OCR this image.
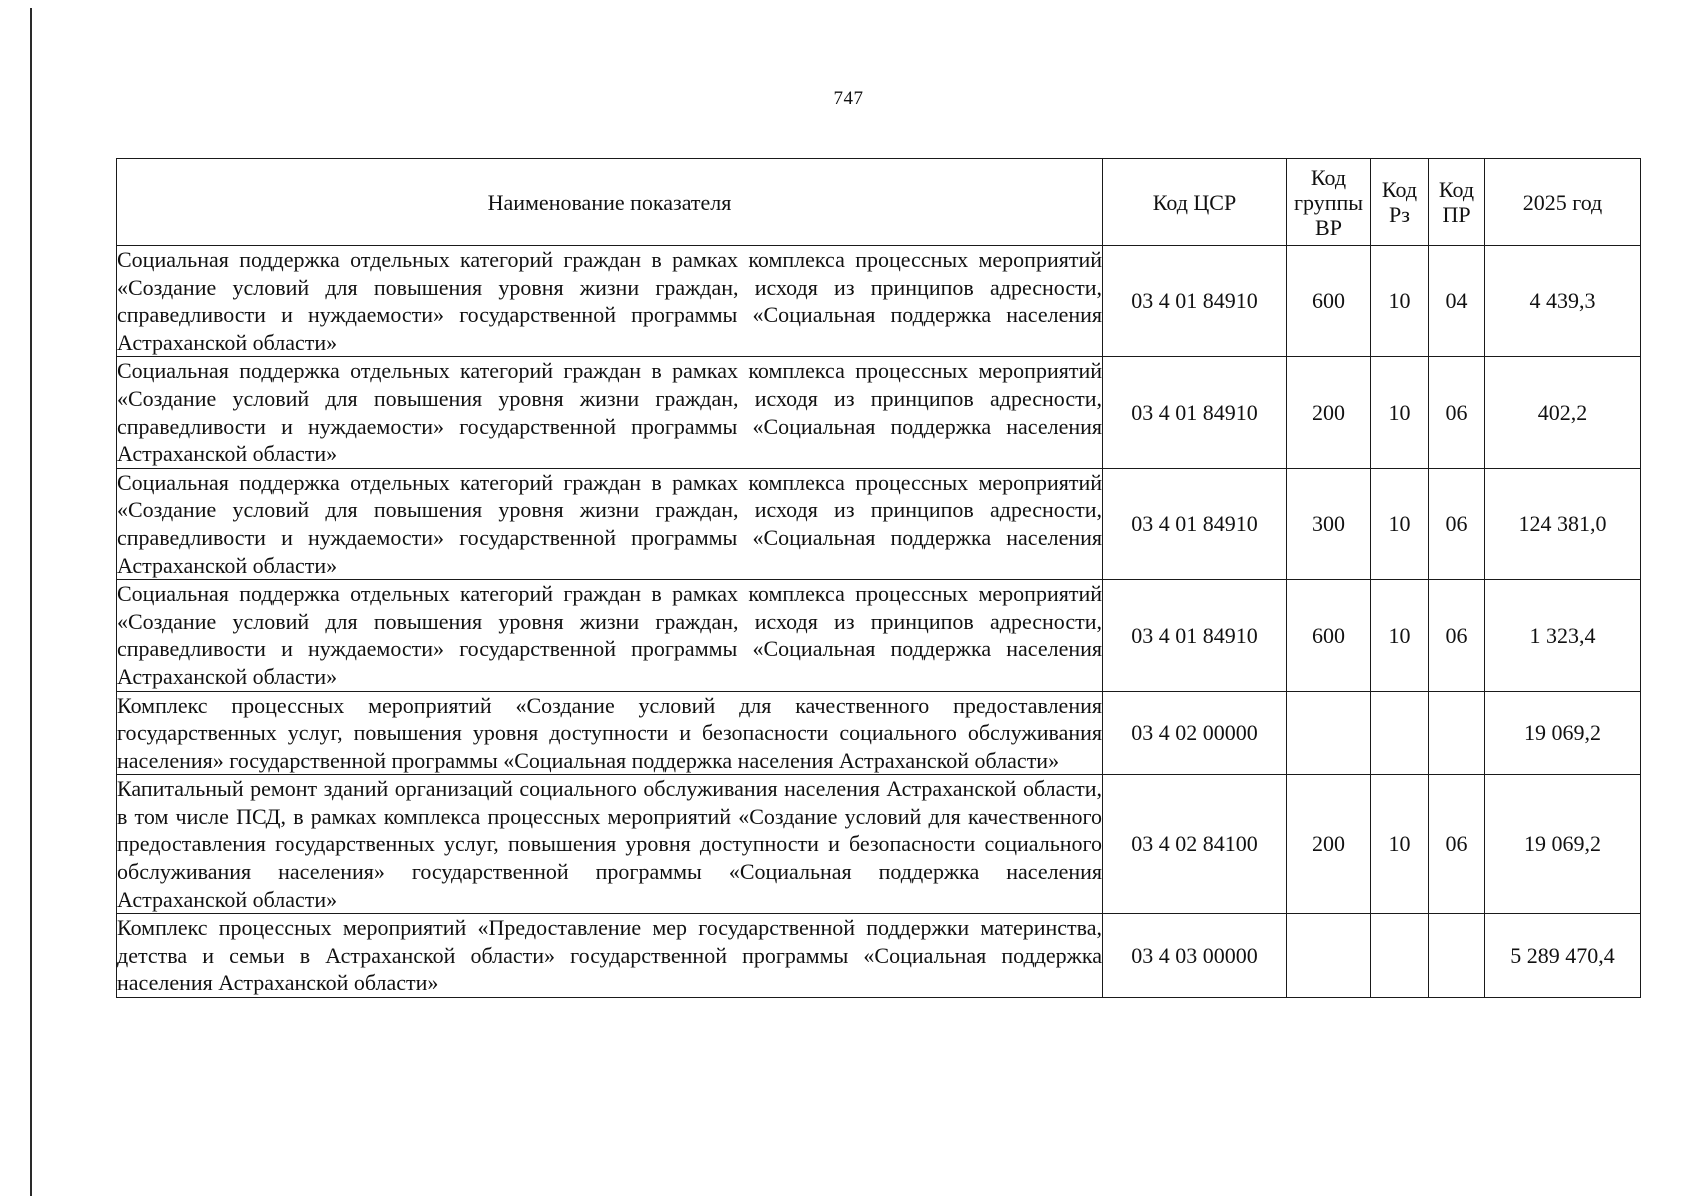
747
Наименование показателя	Код ЦСР	Код группы ВР	Код Рз	Код ПР	2025 год
Социальная поддержка отдельных категорий граждан в рамках комплекса процессных мероприятий «Создание условий для повышения уровня жизни граждан, исходя из принципов адресности, справедливости и нуждаемости» государственной программы «Социальная поддержка населения Астраханской области»	03 4 01 84910	600	10	04	4 439,3
Социальная поддержка отдельных категорий граждан в рамках комплекса процессных мероприятий «Создание условий для повышения уровня жизни граждан, исходя из принципов адресности, справедливости и нуждаемости» государственной программы «Социальная поддержка населения Астраханской области»	03 4 01 84910	200	10	06	402,2
Социальная поддержка отдельных категорий граждан в рамках комплекса процессных мероприятий «Создание условий для повышения уровня жизни граждан, исходя из принципов адресности, справедливости и нуждаемости» государственной программы «Социальная поддержка населения Астраханской области»	03 4 01 84910	300	10	06	124 381,0
Социальная поддержка отдельных категорий граждан в рамках комплекса процессных мероприятий «Создание условий для повышения уровня жизни граждан, исходя из принципов адресности, справедливости и нуждаемости» государственной программы «Социальная поддержка населения Астраханской области»	03 4 01 84910	600	10	06	1 323,4
Комплекс процессных мероприятий «Создание условий для качественного предоставления государственных услуг, повышения уровня доступности и безопасности социального обслуживания населения» государственной программы «Социальная поддержка населения Астраханской области»	03 4 02 00000				19 069,2
Капитальный ремонт зданий организаций социального обслуживания населения Астраханской области, в том числе ПСД, в рамках комплекса процессных мероприятий «Создание условий для качественного предоставления государственных услуг, повышения уровня доступности и безопасности социального обслуживания населения» государственной программы «Социальная поддержка населения Астраханской области»	03 4 02 84100	200	10	06	19 069,2
Комплекс процессных мероприятий «Предоставление мер государственной поддержки материнства, детства и семьи в Астраханской области» государственной программы «Социальная поддержка населения Астраханской области»	03 4 03 00000				5 289 470,4
